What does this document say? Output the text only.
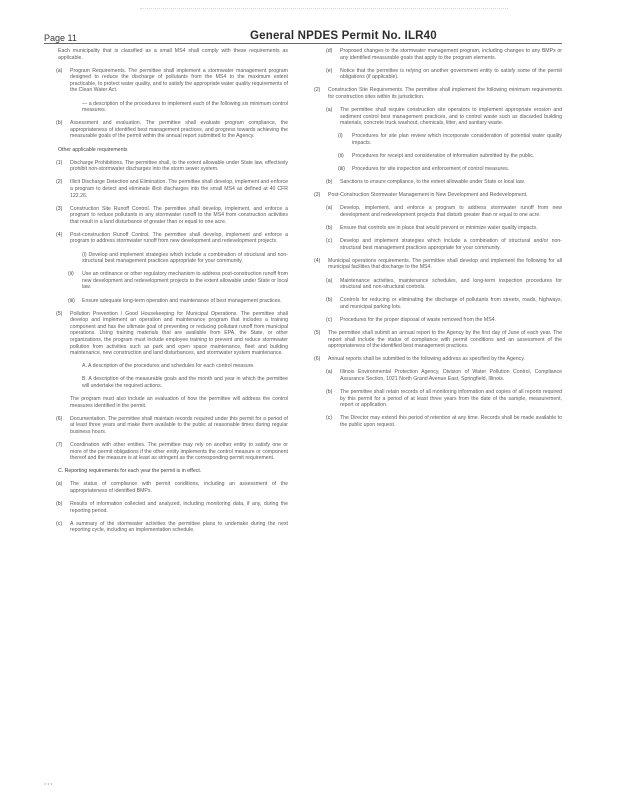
Page 11	General NPDES Permit No. ILR40
Each municipality that is classified as a small MS4 shall comply with these requirements as applicable.
(a)	Program Requirements. The permittee shall implement a stormwater management program designed to reduce the discharge of pollutants from the MS4 to the maximum extent practicable, to protect water quality, and to satisfy the appropriate water quality requirements of the Clean Water Act.
— a description of the procedures to implement each of the following six minimum control measures.
(b)	Assessment and evaluation. The permittee shall evaluate program compliance, the appropriateness of identified best management practices, and progress towards achieving the measurable goals of the permit within the annual report submitted to the Agency.
Other applicable requirements
(1)	Discharge Prohibitions. The permittee shall, to the extent allowable under State law, effectively prohibit non-stormwater discharges into the storm sewer system.
(2)	Illicit Discharge Detection and Elimination. The permittee shall develop, implement and enforce a program to detect and eliminate illicit discharges into the small MS4 as defined at 40 CFR 122.26.
(3)	Construction Site Runoff Control. The permittee shall develop, implement, and enforce a program to reduce pollutants in any stormwater runoff to the MS4 from construction activities that result in a land disturbance of greater than or equal to one acre.
(4)	Post-construction Runoff Control. The permittee shall develop, implement and enforce a program to address stormwater runoff from new development and redevelopment projects.
(i) Develop and implement strategies which include a combination of structural and non-structural best management practices appropriate for your community.
(ii)	Use an ordinance or other regulatory mechanism to address post-construction runoff from new development and redevelopment projects to the extent allowable under State or local law.
(iii)	Ensure adequate long-term operation and maintenance of best management practices.
(5)	Pollution Prevention / Good Housekeeping for Municipal Operations. The permittee shall develop and implement an operation and maintenance program that includes a training component and has the ultimate goal of preventing or reducing pollutant runoff from municipal operations. Using training materials that are available from EPA, the State, or other organizations, the program must include employee training to prevent and reduce stormwater pollution from activities such as park and open space maintenance, fleet and building maintenance, new construction and land disturbances, and stormwater system maintenance.
A. A description of the procedures and schedules for each control measure.
B. A description of the measurable goals and the month and year in which the permittee will undertake the required actions.
The program must also include an evaluation of how the permittee will address the control measures identified in the permit.
(6)	Documentation. The permittee shall maintain records required under this permit for a period of at least three years and make them available to the public at reasonable times during regular business hours.
(7)	Coordination with other entities. The permittee may rely on another entity to satisfy one or more of the permit obligations if the other entity implements the control measure or component thereof and the measure is at least as stringent as the corresponding permit requirement.
C. Reporting requirements for each year the permit is in effect.
(a)	The status of compliance with permit conditions, including an assessment of the appropriateness of identified BMPs.
(b)	Results of information collected and analyzed, including monitoring data, if any, during the reporting period.
(c)	A summary of the stormwater activities the permittee plans to undertake during the next reporting cycle, including an implementation schedule.
(d)	Proposed changes to the stormwater management program, including changes to any BMPs or any identified measurable goals that apply to the program elements.
(e)	Notice that the permittee is relying on another government entity to satisfy some of the permit obligations (if applicable).
(2)	Construction Site Requirements. The permittee shall implement the following minimum requirements for construction sites within its jurisdiction.
(a)	The permittee shall require construction site operators to implement appropriate erosion and sediment control best management practices, and to control waste such as discarded building materials, concrete truck washout, chemicals, litter, and sanitary waste.
(i)	Procedures for site plan review which incorporate consideration of potential water quality impacts.
(ii)	Procedures for receipt and consideration of information submitted by the public.
(iii)	Procedures for site inspection and enforcement of control measures.
(b)	Sanctions to ensure compliance, to the extent allowable under State or local law.
(3)	Post-Construction Stormwater Management in New Development and Redevelopment.
(a)	Develop, implement, and enforce a program to address stormwater runoff from new development and redevelopment projects that disturb greater than or equal to one acre.
(b)	Ensure that controls are in place that would prevent or minimize water quality impacts.
(c)	Develop and implement strategies which include a combination of structural and/or non-structural best management practices appropriate for your community.
(4)	Municipal operations requirements. The permittee shall develop and implement the following for all municipal facilities that discharge to the MS4.
(a)	Maintenance activities, maintenance schedules, and long-term inspection procedures for structural and non-structural controls.
(b)	Controls for reducing or eliminating the discharge of pollutants from streets, roads, highways, and municipal parking lots.
(c)	Procedures for the proper disposal of waste removed from the MS4.
(5)	The permittee shall submit an annual report to the Agency by the first day of June of each year. The report shall include the status of compliance with permit conditions and an assessment of the appropriateness of the identified best management practices.
(6)	Annual reports shall be submitted to the following address as specified by the Agency.
(a)	Illinois Environmental Protection Agency, Division of Water Pollution Control, Compliance Assurance Section, 1021 North Grand Avenue East, Springfield, Illinois.
(b)	The permittee shall retain records of all monitoring information and copies of all reports required by this permit for a period of at least three years from the date of the sample, measurement, report or application.
(c)	The Director may extend this period of retention at any time. Records shall be made available to the public upon request.
* * *
